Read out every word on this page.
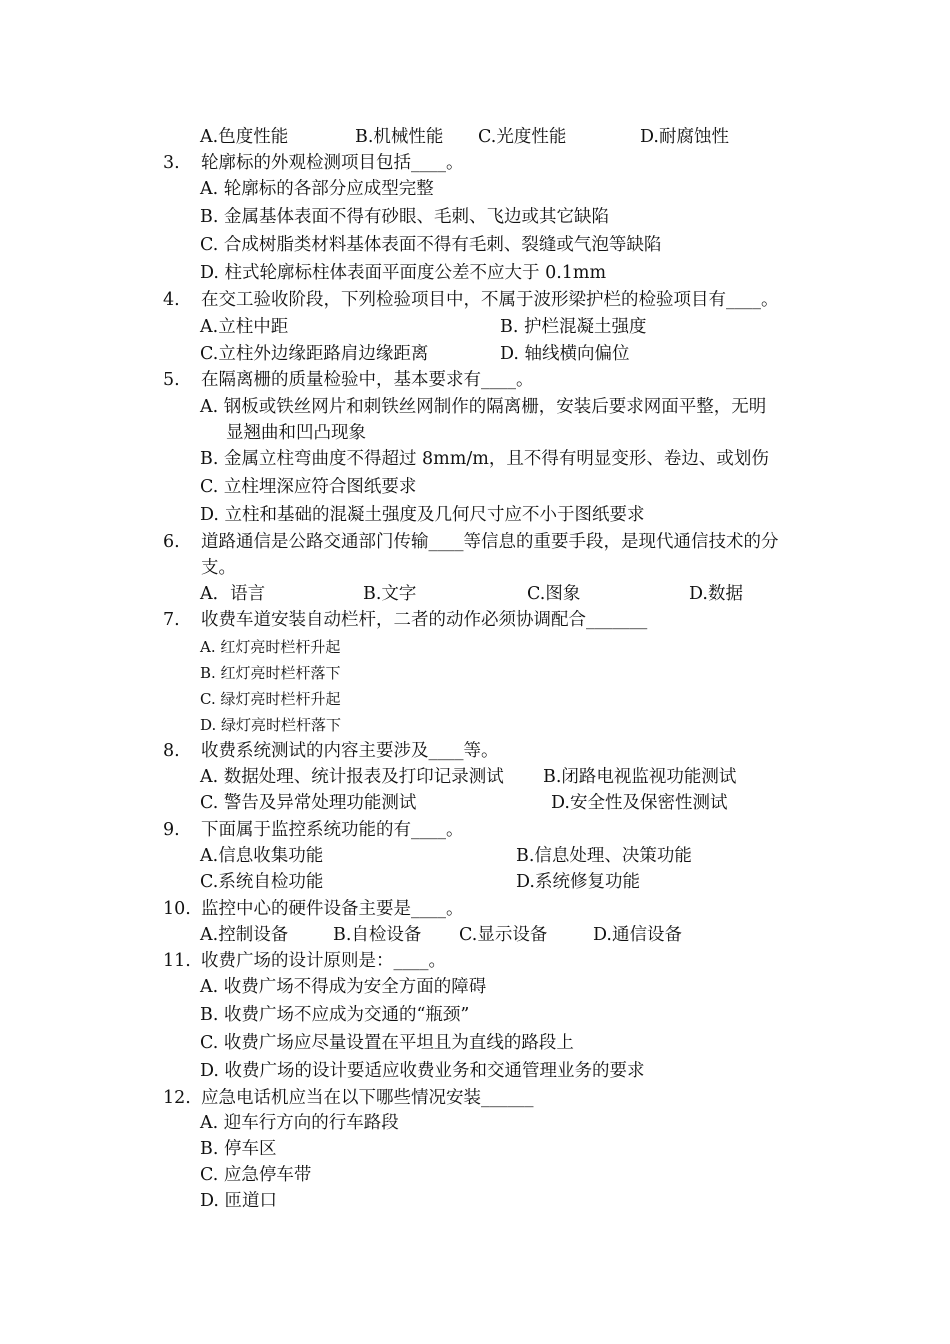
A.色度性能	B.机械性能 C.光度性能	D.耐腐蚀性
3. 轮廓标的外观检测项目包括____。
A. 轮廓标的各部分应成型完整
B. 金属基体表面不得有砂眼、毛刺、飞边或其它缺陷
C. 合成树脂类材料基体表面不得有毛刺、裂缝或气泡等缺陷
D. 柱式轮廓标柱体表面平面度公差不应大于 0.1mm
4. 在交工验收阶段，下列检验项目中，不属于波形梁护栏的检验项目有____。
A.立柱中距	B. 护栏混凝土强度
C.立柱外边缘距路肩边缘距离	D. 轴线横向偏位
5. 在隔离栅的质量检验中，基本要求有____。
A. 钢板或铁丝网片和刺铁丝网制作的隔离栅，安装后要求网面平整，无明
显翘曲和凹凸现象
B. 金属立柱弯曲度不得超过 8mm/m，且不得有明显变形、卷边、或划伤
C. 立柱埋深应符合图纸要求
D. 立柱和基础的混凝土强度及几何尺寸应不小于图纸要求
6. 道路通信是公路交通部门传输____等信息的重要手段，是现代通信技术的分
支。
A．语言	B.文字	C.图象	D.数据
7. 收费车道安装自动栏杆，二者的动作必须协调配合_______
A. 红灯亮时栏杆升起
B. 红灯亮时栏杆落下
C. 绿灯亮时栏杆升起
D. 绿灯亮时栏杆落下
8. 收费系统测试的内容主要涉及____等。
A. 数据处理、统计报表及打印记录测试 B.闭路电视监视功能测试
C. 警告及异常处理功能测试	D.安全性及保密性测试
9. 下面属于监控系统功能的有____。
A.信息收集功能	B.信息处理、决策功能
C.系统自检功能	D.系统修复功能
10. 监控中心的硬件设备主要是____。
A.控制设备	B.自检设备 C.显示设备	D.通信设备
11. 收费广场的设计原则是：____。
A. 收费广场不得成为安全方面的障碍
B. 收费广场不应成为交通的“瓶颈”
C. 收费广场应尽量设置在平坦且为直线的路段上
D. 收费广场的设计要适应收费业务和交通管理业务的要求
12. 应急电话机应当在以下哪些情况安装______
A. 迎车行方向的行车路段
B. 停车区
C. 应急停车带
D. 匝道口
